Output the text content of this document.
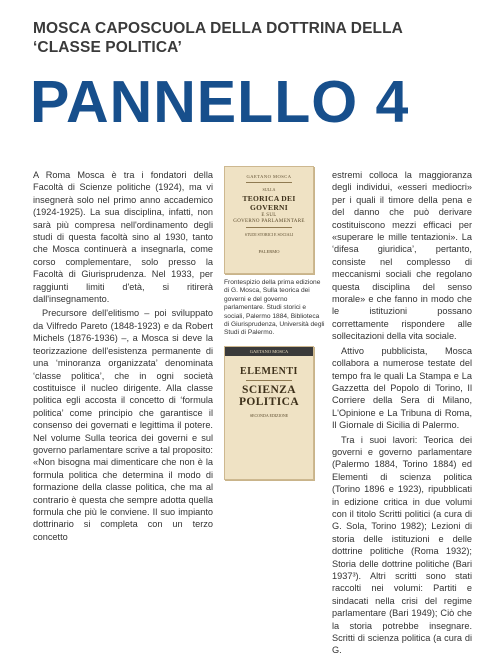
MOSCA CAPOSCUOLA DELLA DOTTRINA DELLA
‘CLASSE POLITICA’
PANNELLO 4

A Roma Mosca è tra i fondatori della Facoltà di Scienze politiche (1924), ma vi insegnerà solo nel primo anno accademico (1924-1925). La sua disciplina, infatti, non sarà più compresa nell'ordinamento degli studi di questa facoltà sino al 1930, tanto che Mosca continuerà a insegnarla, come corso complementare, solo presso la Facoltà di Giurisprudenza. Nel 1933, per raggiunti limiti d'età, si ritirerà dall'insegnamento.

Precursore dell'elitismo – poi sviluppato da Vilfredo Pareto (1848-1923) e da Robert Michels (1876-1936) –, a Mosca si deve la teorizzazione dell'esistenza permanente di una ‘minoranza organizzata’ denominata ‘classe politica’, che in ogni società costituisce il nucleo dirigente. Alla classe politica egli accosta il concetto di ‘formula politica’ come principio che garantisce il consenso dei governati e legittima il potere. Nel volume Sulla teorica dei governi e sul governo parlamentare scrive a tal proposito: «Non bisogna mai dimenticare che non è la formula politica che determina il modo di formazione della classe politica, che ma al contrario è questa che sempre adotta quella formula che più le conviene. Il suo impianto dottrinario si completa con un terzo concetto

GAETANO MOSCA
SULLA
TEORICA DEI GOVERNI
E SUL
GOVERNO PARLAMENTARE
STUDI STORICI E SOCIALI
PALERMO
Frontespizio della prima edizione di G. Mosca, Sulla teorica dei governi e del governo parlamentare. Studi storici e sociali, Palermo 1884, Biblioteca di Giurisprudenza, Università degli Studi di Palermo.
GAETANO MOSCA
ELEMENTI
SCIENZA POLITICA
SECONDA EDIZIONE

estremi colloca la maggioranza degli individui, «esseri mediocri» per i quali il timore della pena e del danno che può derivare costituiscono mezzi efficaci per «superare le mille tentazioni». La ‘difesa giuridica’, pertanto, consiste nel complesso di meccanismi sociali che regolano questa disciplina del senso morale» e che fanno in modo che le istituzioni possano correttamente rispondere alle sollecitazioni della vita sociale.

Attivo pubblicista, Mosca collabora a numerose testate del tempo fra le quali La Stampa e La Gazzetta del Popolo di Torino, Il Corriere della Sera di Milano, L'Opinione e La Tribuna di Roma, Il Giornale di Sicilia di Palermo.

Tra i suoi lavori: Teorica dei governi e governo parlamentare (Palermo 1884, Torino 1884) ed Elementi di scienza politica (Torino 1896 e 1923), ripubblicati in edizione critica in due volumi con il titolo Scritti politici (a cura di G. Sola, Torino 1982); Lezioni di storia delle istituzioni e delle dottrine politiche (Roma 1932); Storia delle dottrine politiche (Bari 1937³). Altri scritti sono stati raccolti nei volumi: Partiti e sindacati nella crisi del regime parlamentare (Bari 1949); Ciò che la storia potrebbe insegnare. Scritti di scienza politica (a cura di G.
